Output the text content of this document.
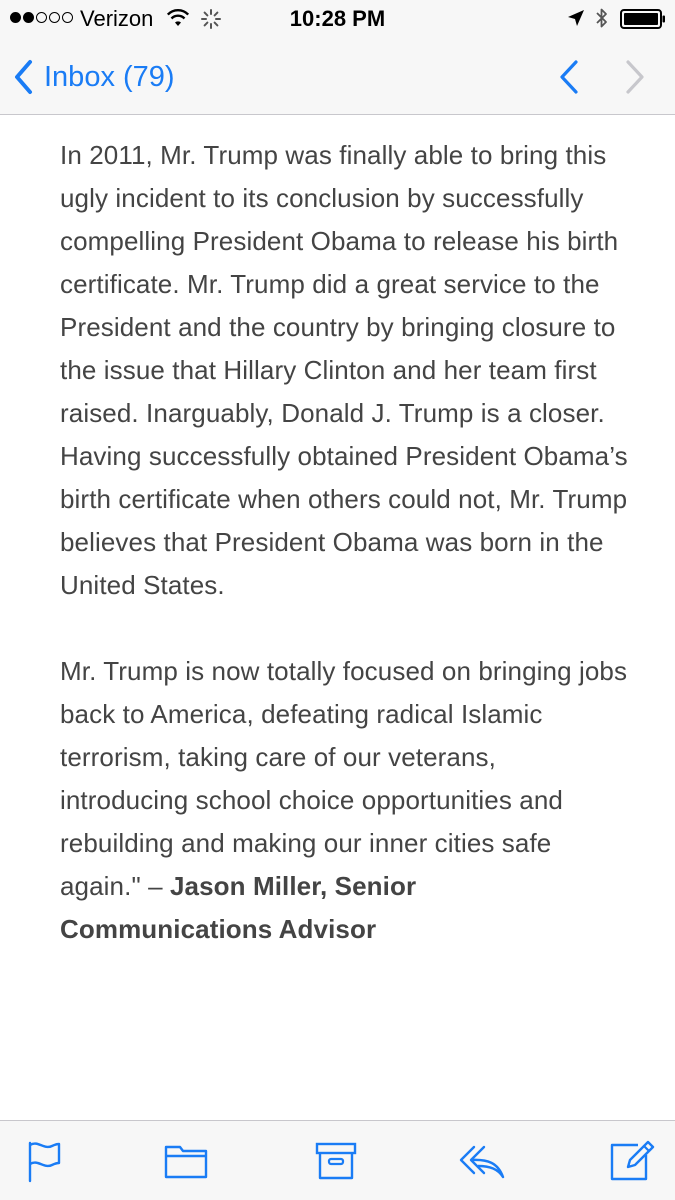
Verizon	10:28 PM
Inbox (79)

In 2011, Mr. Trump was finally able to bring this ugly incident to its conclusion by successfully compelling President Obama to release his birth certificate. Mr. Trump did a great service to the President and the country by bringing closure to the issue that Hillary Clinton and her team first raised. Inarguably, Donald J. Trump is a closer. Having successfully obtained President Obama’s birth certificate when others could not, Mr. Trump believes that President Obama was born in the United States.

Mr. Trump is now totally focused on bringing jobs back to America, defeating radical Islamic terrorism, taking care of our veterans, introducing school choice opportunities and rebuilding and making our inner cities safe again." – Jason Miller, Senior Communications Advisor
